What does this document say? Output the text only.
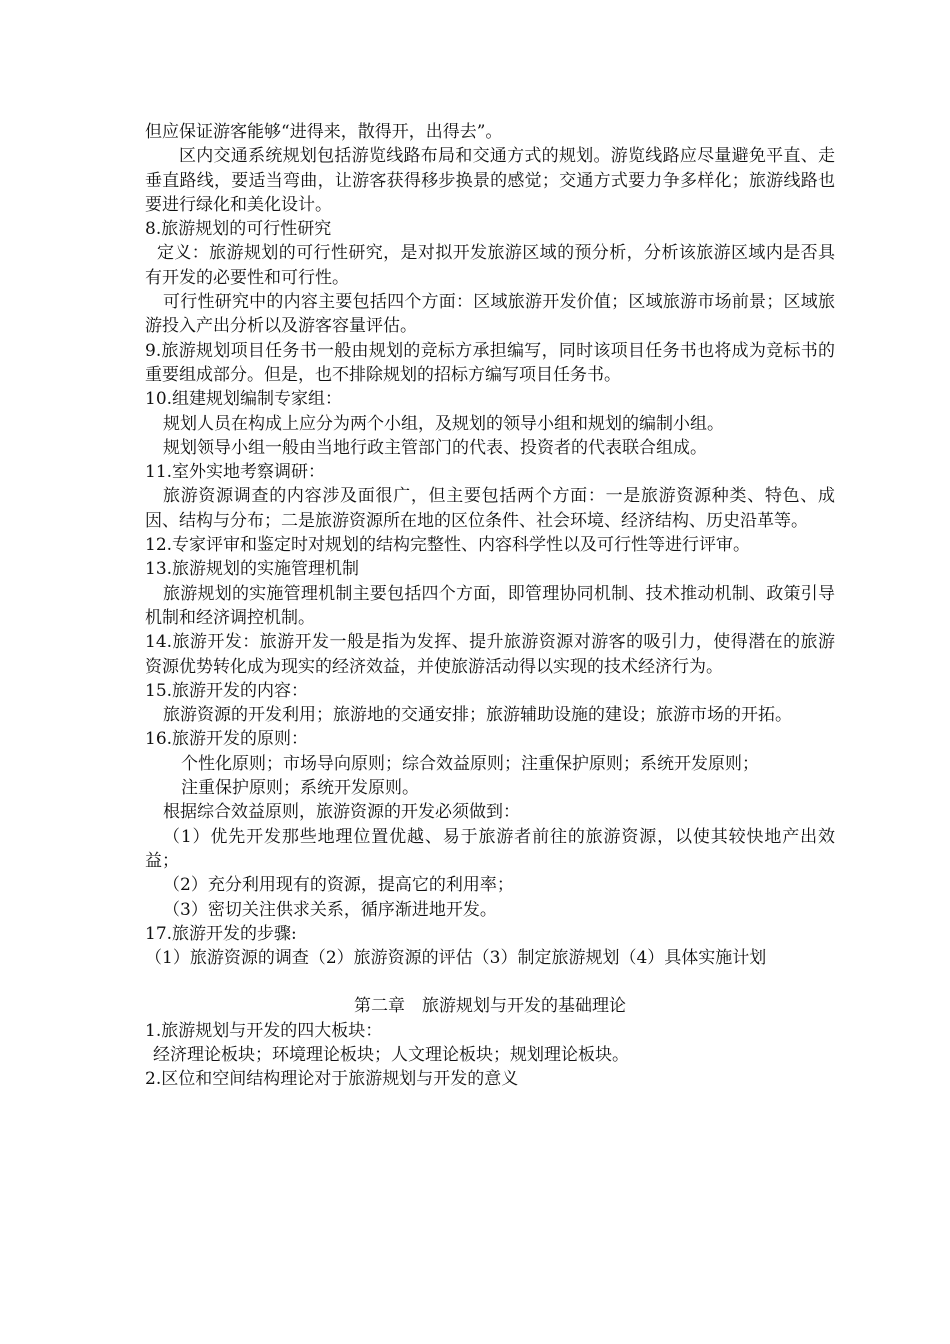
但应保证游客能够“进得来，散得开，出得去”。

区内交通系统规划包括游览线路布局和交通方式的规划。游览线路应尽量避免平直、走垂直路线，要适当弯曲，让游客获得移步换景的感觉；交通方式要力争多样化；旅游线路也要进行绿化和美化设计。

8.旅游规划的可行性研究

定义：旅游规划的可行性研究，是对拟开发旅游区域的预分析，分析该旅游区域内是否具有开发的必要性和可行性。

可行性研究中的内容主要包括四个方面：区域旅游开发价值；区域旅游市场前景；区域旅游投入产出分析以及游客容量评估。

9.旅游规划项目任务书一般由规划的竞标方承担编写，同时该项目任务书也将成为竞标书的重要组成部分。但是，也不排除规划的招标方编写项目任务书。

10.组建规划编制专家组：

规划人员在构成上应分为两个小组，及规划的领导小组和规划的编制小组。

规划领导小组一般由当地行政主管部门的代表、投资者的代表联合组成。

11.室外实地考察调研：

旅游资源调查的内容涉及面很广，但主要包括两个方面：一是旅游资源种类、特色、成因、结构与分布；二是旅游资源所在地的区位条件、社会环境、经济结构、历史沿革等。

12.专家评审和鉴定时对规划的结构完整性、内容科学性以及可行性等进行评审。

13.旅游规划的实施管理机制

旅游规划的实施管理机制主要包括四个方面，即管理协同机制、技术推动机制、政策引导机制和经济调控机制。

14.旅游开发：旅游开发一般是指为发挥、提升旅游资源对游客的吸引力，使得潜在的旅游资源优势转化成为现实的经济效益，并使旅游活动得以实现的技术经济行为。

15.旅游开发的内容：

旅游资源的开发利用；旅游地的交通安排；旅游辅助设施的建设；旅游市场的开拓。

16.旅游开发的原则：

个性化原则；市场导向原则；综合效益原则；注重保护原则；系统开发原则；

注重保护原则；系统开发原则。

根据综合效益原则，旅游资源的开发必须做到：

（1）优先开发那些地理位置优越、易于旅游者前往的旅游资源，以使其较快地产出效益；

（2）充分利用现有的资源，提高它的利用率；

（3）密切关注供求关系，循序渐进地开发。

17.旅游开发的步骤:

（1）旅游资源的调查（2）旅游资源的评估（3）制定旅游规划（4）具体实施计划

第二章　旅游规划与开发的基础理论

1.旅游规划与开发的四大板块：

经济理论板块；环境理论板块；人文理论板块；规划理论板块。

2.区位和空间结构理论对于旅游规划与开发的意义
